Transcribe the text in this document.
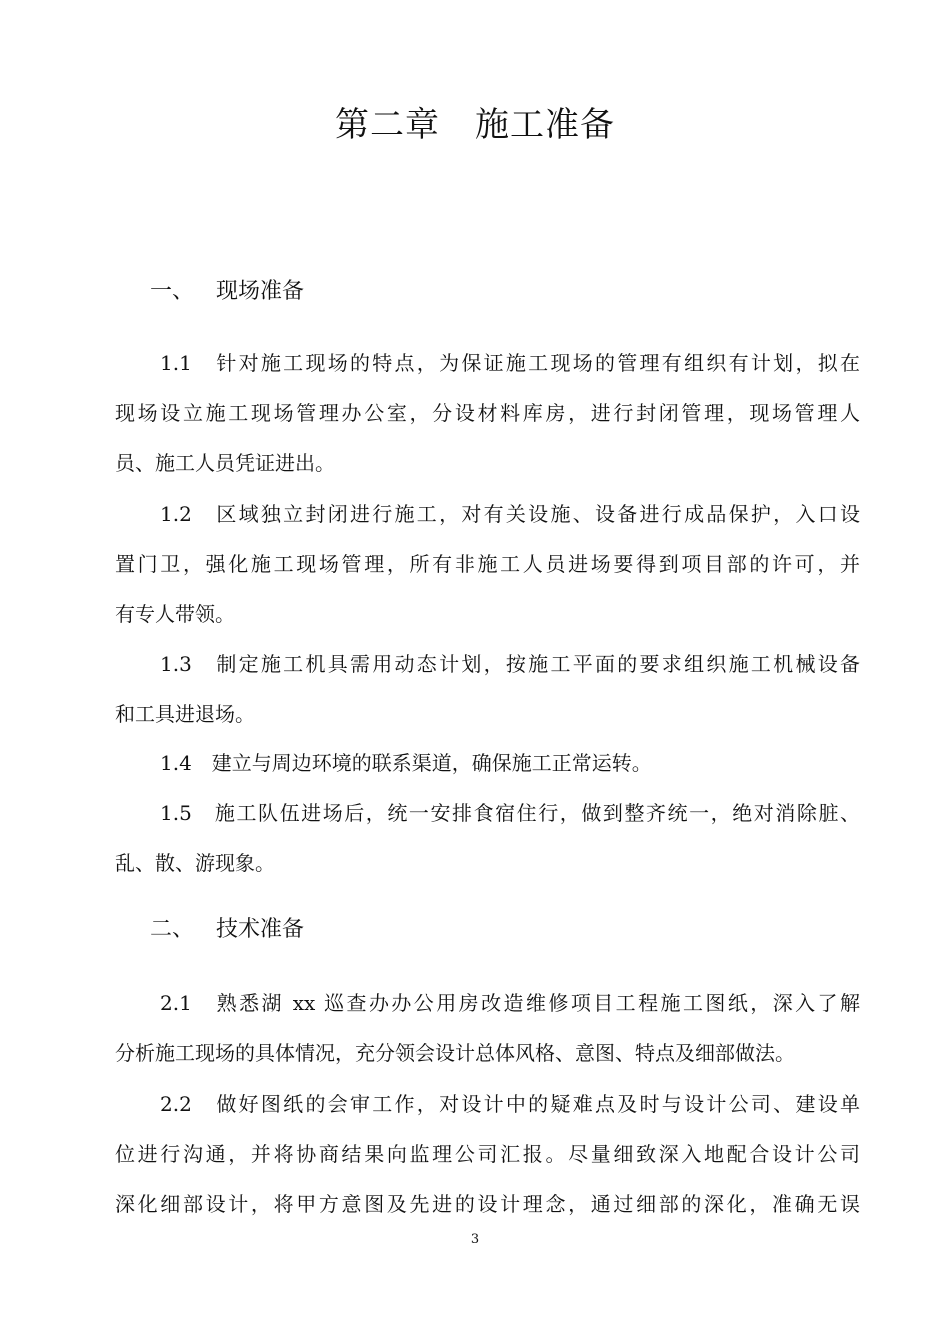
第二章　施工准备
一、 现场准备
1.1　针对施工现场的特点，为保证施工现场的管理有组织有计划，拟在
现场设立施工现场管理办公室，分设材料库房，进行封闭管理，现场管理人
员、施工人员凭证进出。
1.2　区域独立封闭进行施工，对有关设施、设备进行成品保护，入口设
置门卫，强化施工现场管理，所有非施工人员进场要得到项目部的许可，并
有专人带领。
1.3　制定施工机具需用动态计划，按施工平面的要求组织施工机械设备
和工具进退场。
1.4　建立与周边环境的联系渠道，确保施工正常运转。
1.5　施工队伍进场后，统一安排食宿住行，做到整齐统一，绝对消除脏、
乱、散、游现象。
二、 技术准备
2.1　熟悉湖 xx 巡查办办公用房改造维修项目工程施工图纸，深入了解
分析施工现场的具体情况，充分领会设计总体风格、意图、特点及细部做法。
2.2　做好图纸的会审工作，对设计中的疑难点及时与设计公司、建设单
位进行沟通，并将协商结果向监理公司汇报。尽量细致深入地配合设计公司
深化细部设计，将甲方意图及先进的设计理念，通过细部的深化，准确无误
3
